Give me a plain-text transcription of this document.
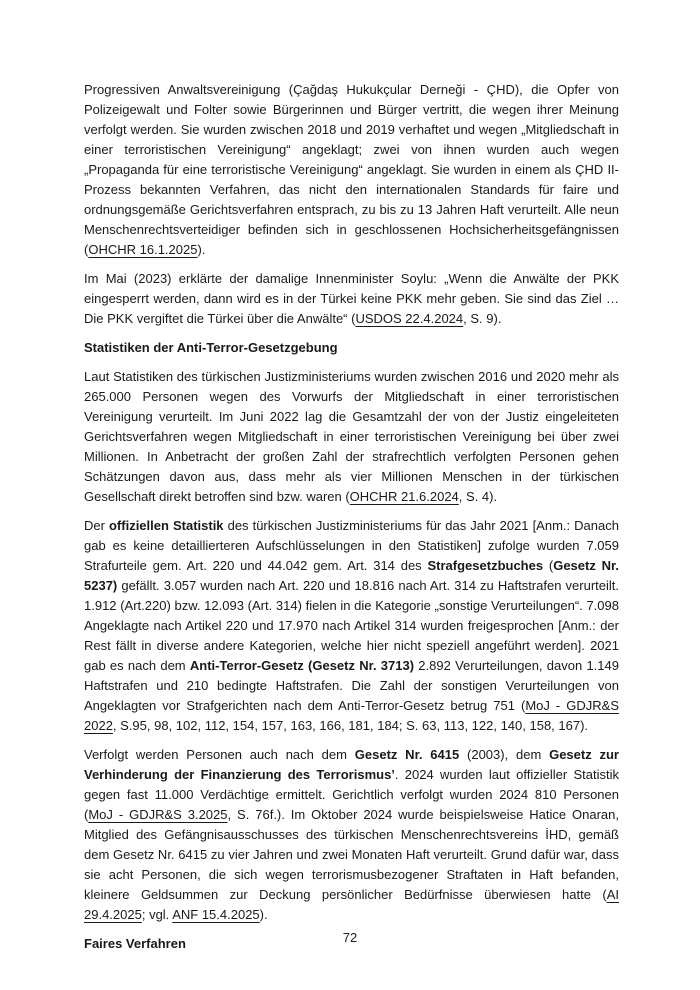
Progressiven Anwaltsvereinigung (Çağdaş Hukukçular Derneği - ÇHD), die Opfer von Polizeigewalt und Folter sowie Bürgerinnen und Bürger vertritt, die wegen ihrer Meinung verfolgt werden. Sie wurden zwischen 2018 und 2019 verhaftet und wegen „Mitgliedschaft in einer terroristischen Vereinigung“ angeklagt; zwei von ihnen wurden auch wegen „Propaganda für eine terroristische Vereinigung“ angeklagt. Sie wurden in einem als ÇHD II-Prozess bekannten Verfahren, das nicht den internationalen Standards für faire und ordnungsgemäße Gerichtsverfahren entsprach, zu bis zu 13 Jahren Haft verurteilt. Alle neun Menschenrechtsverteidiger befinden sich in geschlossenen Hochsicherheitsgefängnissen (OHCHR 16.1.2025).

Im Mai (2023) erklärte der damalige Innenminister Soylu: „Wenn die Anwälte der PKK eingesperrt werden, dann wird es in der Türkei keine PKK mehr geben. Sie sind das Ziel … Die PKK vergiftet die Türkei über die Anwälte“ (USDOS 22.4.2024, S. 9).

Statistiken der Anti-Terror-Gesetzgebung

Laut Statistiken des türkischen Justizministeriums wurden zwischen 2016 und 2020 mehr als 265.000 Personen wegen des Vorwurfs der Mitgliedschaft in einer terroristischen Vereinigung verurteilt. Im Juni 2022 lag die Gesamtzahl der von der Justiz eingeleiteten Gerichtsverfahren wegen Mitgliedschaft in einer terroristischen Vereinigung bei über zwei Millionen. In Anbetracht der großen Zahl der strafrechtlich verfolgten Personen gehen Schätzungen davon aus, dass mehr als vier Millionen Menschen in der türkischen Gesellschaft direkt betroffen sind bzw. waren (OHCHR 21.6.2024, S. 4).

Der offiziellen Statistik des türkischen Justizministeriums für das Jahr 2021 [Anm.: Danach gab es keine detaillierteren Aufschlüsselungen in den Statistiken] zufolge wurden 7.059 Strafurteile gem. Art. 220 und 44.042 gem. Art. 314 des Strafgesetzbuches (Gesetz Nr. 5237) gefällt. 3.057 wurden nach Art. 220 und 18.816 nach Art. 314 zu Haftstrafen verurteilt. 1.912 (Art.220) bzw. 12.093 (Art. 314) fielen in die Kategorie „sonstige Verurteilungen“. 7.098 Angeklagte nach Artikel 220 und 17.970 nach Artikel 314 wurden freigesprochen [Anm.: der Rest fällt in diverse andere Kategorien, welche hier nicht speziell angeführt werden]. 2021 gab es nach dem Anti-Terror-Gesetz (Gesetz Nr. 3713) 2.892 Verurteilungen, davon 1.149 Haftstrafen und 210 bedingte Haftstrafen. Die Zahl der sonstigen Verurteilungen von Angeklagten vor Strafgerichten nach dem Anti-Terror-Gesetz betrug 751 (MoJ - GDJR&S 2022, S.95, 98, 102, 112, 154, 157, 163, 166, 181, 184; S. 63, 113, 122, 140, 158, 167).

Verfolgt werden Personen auch nach dem Gesetz Nr. 6415 (2003), dem Gesetz zur Verhinderung der Finanzierung des Terrorismus’. 2024 wurden laut offizieller Statistik gegen fast 11.000 Verdächtige ermittelt. Gerichtlich verfolgt wurden 2024 810 Personen (MoJ - GDJR&S 3.2025, S. 76f.). Im Oktober 2024 wurde beispielsweise Hatice Onaran, Mitglied des Gefängnisausschusses des türkischen Menschenrechtsvereins İHD, gemäß dem Gesetz Nr. 6415 zu vier Jahren und zwei Monaten Haft verurteilt. Grund dafür war, dass sie acht Personen, die sich wegen terrorismusbezogener Straftaten in Haft befanden, kleinere Geldsummen zur Deckung persönlicher Bedürfnisse überwiesen hatte (AI 29.4.2025; vgl. ANF 15.4.2025).

Faires Verfahren	72
